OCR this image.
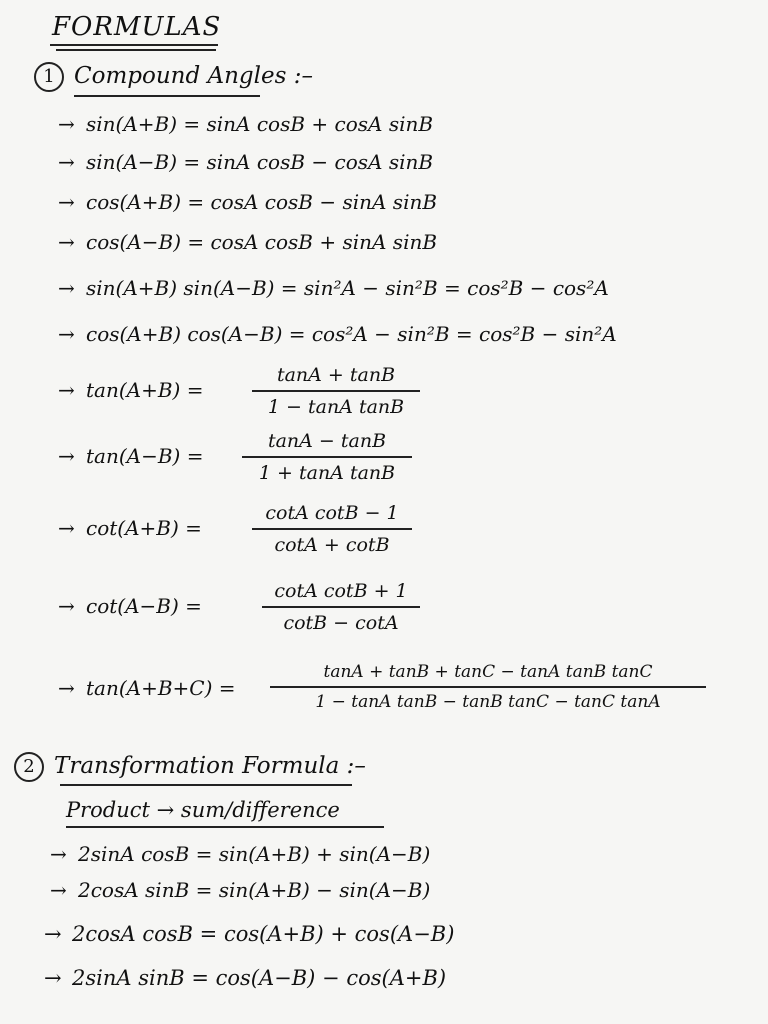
FORMULAS
1 Compound Angles :–
→ sin(A+B) = sinA cosB + cosA sinB
→ sin(A−B) = sinA cosB − cosA sinB
→ cos(A+B) = cosA cosB − sinA sinB
→ cos(A−B) = cosA cosB + sinA sinB
→ sin(A+B) sin(A−B) = sin²A − sin²B = cos²B − cos²A
→ cos(A+B) cos(A−B) = cos²A − sin²B = cos²B − sin²A
→ tan(A+B) =
tanA + tanB
1 − tanA tanB
→ tan(A−B) =
tanA − tanB
1 + tanA tanB
→ cot(A+B) =
cotA cotB − 1
cotA + cotB
→ cot(A−B) =
cotA cotB + 1
cotB − cotA
→ tan(A+B+C) =
tanA + tanB + tanC − tanA tanB tanC
1 − tanA tanB − tanB tanC − tanC tanA
2 Transformation Formula :–
Product → sum/difference
→ 2sinA cosB = sin(A+B) + sin(A−B)
→ 2cosA sinB = sin(A+B) − sin(A−B)
→ 2cosA cosB = cos(A+B) + cos(A−B)
→ 2sinA sinB = cos(A−B) − cos(A+B)
